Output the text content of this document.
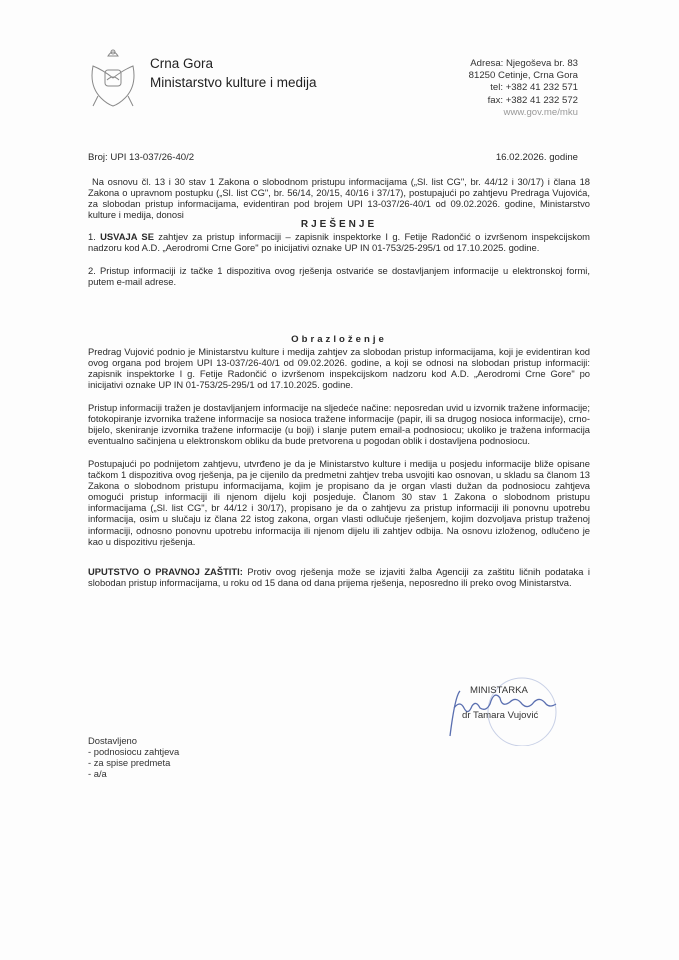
Crna Gora
Ministarstvo kulture i medija
Adresa: Njegoševa br. 83
81250 Cetinje, Crna Gora
tel: +382 41 232 571
fax: +382 41 232 572
www.gov.me/mku
Broj: UPI 13-037/26-40/2	16.02.2026. godine

Na osnovu čl. 13 i 30 stav 1 Zakona o slobodnom pristupu informacijama („Sl. list CG", br. 44/12 i 30/17) i člana 18 Zakona o upravnom postupku („Sl. list CG", br. 56/14, 20/15, 40/16 i 37/17), postupajući po zahtjevu Predraga Vujovića, za slobodan pristup informacijama, evidentiran pod brojem UPI 13-037/26-40/1 od 09.02.2026. godine, Ministarstvo kulture i medija, donosi

RJEŠENJE

1. USVAJA SE zahtjev za pristup informaciji – zapisnik inspektorke I g. Fetije Radončić o izvršenom inspekcijskom nadzoru kod A.D. „Aerodromi Crne Gore" po inicijativi oznake UP IN 01-753/25-295/1 od 17.10.2025. godine.

2. Pristup informaciji iz tačke 1 dispozitiva ovog rješenja ostvariće se dostavljanjem informacije u elektronskoj formi, putem e-mail adrese.

Obrazloženje

Predrag Vujović podnio je Ministarstvu kulture i medija zahtjev za slobodan pristup informacijama, koji je evidentiran kod ovog organa pod brojem UPI 13-037/26-40/1 od 09.02.2026. godine, a koji se odnosi na slobodan pristup informaciji: zapisnik inspektorke I g. Fetije Radončić o izvršenom inspekcijskom nadzoru kod A.D. „Aerodromi Crne Gore" po inicijativi oznake UP IN 01-753/25-295/1 od 17.10.2025. godine.

Pristup informaciji tražen je dostavljanjem informacije na sljedeće načine: neposredan uvid u izvornik tražene informacije; fotokopiranje izvornika tražene informacije sa nosioca tražene informacije (papir, ili sa drugog nosioca informacije), crno-bijelo, skeniranje izvornika tražene informacije (u boji) i slanje putem email-a podnosiocu; ukoliko je tražena informacija eventualno sačinjena u elektronskom obliku da bude pretvorena u pogodan oblik i dostavljena podnosiocu.

Postupajući po podnijetom zahtjevu, utvrđeno je da je Ministarstvo kulture i medija u posjedu informacije bliže opisane tačkom 1 dispozitiva ovog rješenja, pa je cijenilo da predmetni zahtjev treba usvojiti kao osnovan, u skladu sa članom 13 Zakona o slobodnom pristupu informacijama, kojim je propisano da je organ vlasti dužan da podnosiocu zahtjeva omogući pristup informaciji ili njenom dijelu koji posjeduje. Članom 30 stav 1 Zakona o slobodnom pristupu informacijama („Sl. list CG", br 44/12 i 30/17), propisano je da o zahtjevu za pristup informaciji ili ponovnu upotrebu informacija, osim u slučaju iz člana 22 istog zakona, organ vlasti odlučuje rješenjem, kojim dozvoljava pristup traženoj informaciji, odnosno ponovnu upotrebu informacija ili njenom dijelu ili zahtjev odbija. Na osnovu izloženog, odlučeno je kao u dispozitivu rješenja.

UPUTSTVO O PRAVNOJ ZAŠTITI: Protiv ovog rješenja može se izjaviti žalba Agenciji za zaštitu ličnih podataka i slobodan pristup informacijama, u roku od 15 dana od dana prijema rješenja, neposredno ili preko ovog Ministarstva.

MINISTARKA
dr Tamara Vujović
Dostavljeno
- podnosiocu zahtjeva
- za spise predmeta
- a/a
